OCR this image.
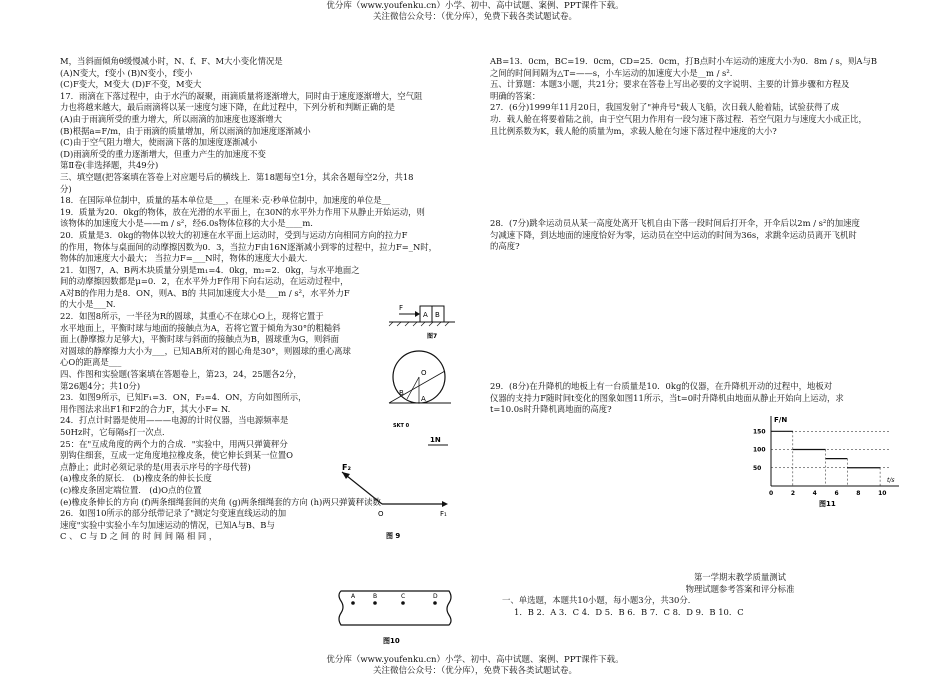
优分库（www.youfenku.cn）小学、初中、高中试题、案例、PPT课件下载。
关注微信公众号：（优分库），免费下载各类试题试卷。

M，当斜面倾角θ缓慢减小时，N、f、F、M大小变化情况是

(A)N变大，f变小 (B)N变小，f变小

(C)F变大，M变大 (D)F不变，M变大

17．雨滴在下落过程中，由于水汽的凝聚，雨滴质量将逐渐增大，同时由于速度逐渐增大，空气阻

力也将越来越大，最后雨滴将以某一速度匀速下降，在此过程中，下列分析和判断正确的是

(A)由于雨滴所受的重力增大，所以雨滴的加速度也逐渐增大

(B)根据a=F/m，由于雨滴的质量增加，所以雨滴的加速度逐渐减小

(C)由于空气阻力增大，使雨滴下落的加速度逐渐减小

(D)雨滴所受的重力逐渐增大，但重力产生的加速度不变

第Ⅱ卷(非选择题，共49分)

三、填空题(把答案填在答卷上对应题号后的横线上．第18题每空1分，其余各题每空2分，共18

分)

18．在国际单位制中，质量的基本单位是___，在厘米·克·秒单位制中，加速度的单位是__

19．质量为20．0kg的物体，放在光滑的水平面上，在30N的水平外力作用下从静止开始运动，则

该物体的加速度大小是——m / s²，经6.0s物体位移的大小是____m.

20．质量是3．0kg的物体以较大的初速在水平面上运动时，受到与运动方向相同方向的拉力F

的作用，物体与桌面间的动摩擦因数为0．3，当拉力F由16N逐渐减小到零的过程中，拉力F=_N时，

物体的加速度大小最大； 当拉力F=___N时，物体的速度大小最大．

21．如图7，A、B两木块质量分别是m₁=4．0kg，m₂=2．0kg，与水平地面之

间的动摩擦因数都是μ=0．2，在水平外力F作用下向右运动，在运动过程中，

A对B的作用力是8．ON，则A、B的 共同加速度大小是___m / s²，水平外力F

的大小是___N.

22．如图8所示，一半径为R的圆球，其重心不在球心O上，现将它置于

水平地面上，平衡时球与地面的接触点为A，若将它置于倾角为30°的粗糙斜

面上(静摩擦力足够大)，平衡时球与斜面的接触点为B，圆球重为G，则斜面

对圆球的静摩擦力大小为___，已知AB所对的圆心角是30°，则圆球的重心离球

心O的距离是___

四、作图和实验题(答案填在答题卷上，第23，24，25题各2分，

第26题4分；共10分)

23．如图9所示，已知F₁=3．ON，F₂=4．ON，方向如图所示，

用作图法求出F1和F2的合力F，其大小F= N.

24．打点计时器是使用———电源的计时仪器，当电源频率是

50Hz时，它每隔s打一次点．

25：在"互成角度的两个力的合成．"实验中，用两只弹簧秤分

别钩住细套，互成一定角度地拉橡皮条，使它伸长到某一位置O

点静止；此时必须记录的是(用表示序号的字母代替)

(a)橡皮条的原长． (b)橡皮条的伸长长度

(c)橡皮条固定端位置． (d)O点的位置

(e)橡皮条伸长的方向 (f)两条细绳套间的夹角 (g)两条细绳套的方向 (h)两只弹簧秤读数

26．如图10所示的部分纸带记录了"测定匀变速直线运动的加

速度"实验中实验小车匀加速运动的情况，已知A与B、B与

C 、 C 与 D 之 间 的 时 间 间 隔 相 同 ，

F
A B
图7
O
B
A
SKT 0
1N
F₂
O	F₁
图 9
A	B	C	D
图10

AB=13．0cm，BC=19．0cm，CD=25．0cm，打B点时小车运动的速度大小为0．8m / s，则A与B

之间的时间间隔为△T=——s，小车运动的加速度大小是__m / s².

五、计算题：本题3小题，共21分；要求在答卷上写出必要的文字说明、主要的计算步骤和方程及

明确的答案：

27．(6分)1999年11月20日，我国发射了"神舟号"载人飞船，次日载人舱着陆，试验获得了成

功．载人舱在将要着陆之前，由于空气阻力作用有一段匀速下落过程．若空气阻力与速度大小成正比，

且比例系数为K，载人舱的质量为m，求载人舱在匀速下落过程中速度的大小?

28．(7分)跳伞运动员从某一高度处离开飞机自由下落一段时间后打开伞，开伞后以2m / s²的加速度

匀减速下降，到达地面的速度恰好为零，运动员在空中运动的时间为36s，求跳伞运动员离开飞机时

的高度?

29．(8分)在升降机的地板上有一台质量是10．0kg的仪器，在升降机开动的过程中，地板对

仪器的支持力F随时间t变化的图象如图11所示，当t=0时升降机由地面从静止开始向上运动，求

t=10.0s时升降机离地面的高度?

F/N
t/s
150
100
50
0	2	4	6	8	10
图11

第一学期末教学质量测试

物理试题参考答案和评分标准

一、单选题，本题共10小题，每小题3分，共30分．

1．B 2．A 3．C 4．D 5．B 6．B 7．C 8．D 9．B 10．C

优分库（www.youfenku.cn）小学、初中、高中试题、案例、PPT课件下载。
关注微信公众号：（优分库），免费下载各类试题试卷。
